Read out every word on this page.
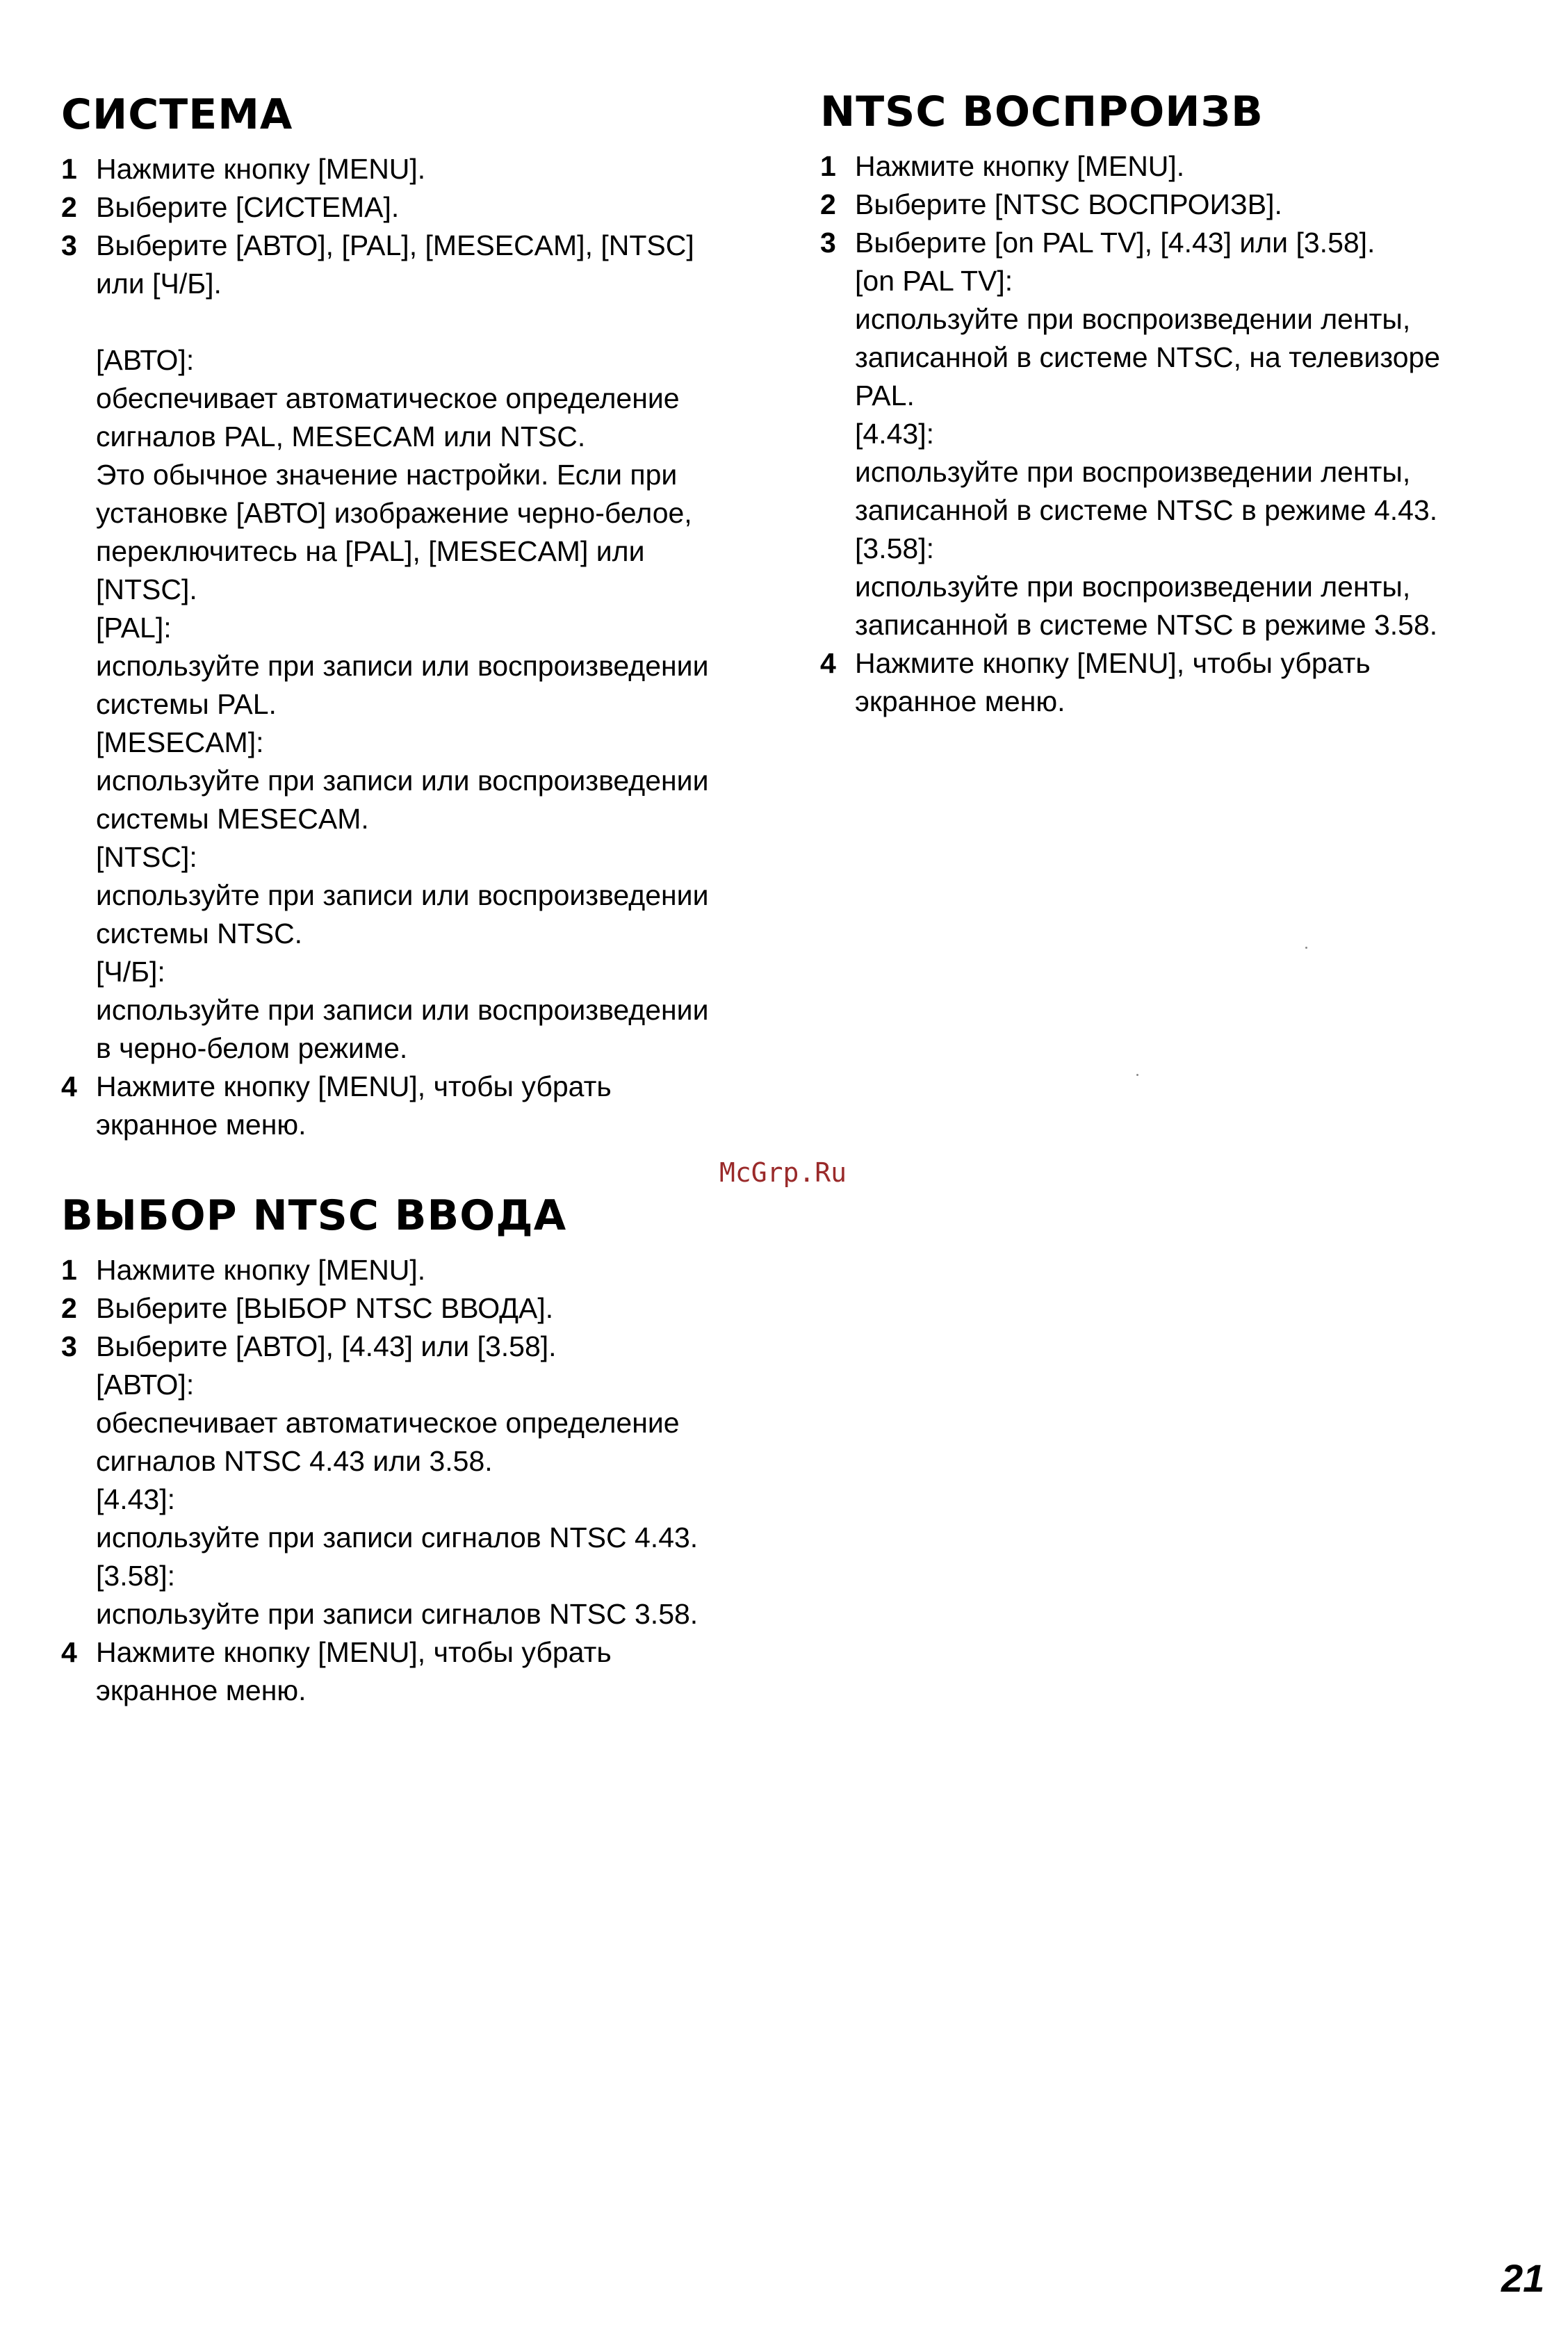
СИСТЕМА
1 Нажмите кнопку [MENU].
2 Выберите [СИСТЕМА].
3 Выберите [АВТО], [PAL], [MESECAM], [NTSC]
или [Ч/Б].
[АВТО]:
обеспечивает автоматическое определение
сигналов PAL, MESECAM или NTSC.
Это обычное значение настройки. Если при
установке [АВТО] изображение черно-белое,
переключитесь на [PAL], [MESECAM] или
[NTSC].
[PAL]:
используйте при записи или воспроизведении
системы PAL.
[MESECAM]:
используйте при записи или воспроизведении
системы MESECAM.
[NTSC]:
используйте при записи или воспроизведении
системы NTSC.
[Ч/Б]:
используйте при записи или воспроизведении
в черно-белом режиме.
4 Нажмите кнопку [MENU], чтобы убрать
экранное меню.
ВЫБОР NTSC ВВОДА
1 Нажмите кнопку [MENU].
2 Выберите [ВЫБОР NTSC ВВОДА].
3 Выберите [АВТО], [4.43] или [3.58].
[АВТО]:
обеспечивает автоматическое определение
сигналов NTSC 4.43 или 3.58.
[4.43]:
используйте при записи сигналов NTSC 4.43.
[3.58]:
используйте при записи сигналов NTSC 3.58.
4 Нажмите кнопку [MENU], чтобы убрать
экранное меню.
NTSC ВОСПРОИЗВ
1 Нажмите кнопку [MENU].
2 Выберите [NTSC ВОСПРОИЗВ].
3 Выберите [on PAL TV], [4.43] или [3.58].
[on PAL TV]:
используйте при воспроизведении ленты,
записанной в системе NTSC, на телевизоре
PAL.
[4.43]:
используйте при воспроизведении ленты,
записанной в системе NTSC в режиме 4.43.
[3.58]:
используйте при воспроизведении ленты,
записанной в системе NTSC в режиме 3.58.
4 Нажмите кнопку [MENU], чтобы убрать
экранное меню.
McGrp.Ru
21
